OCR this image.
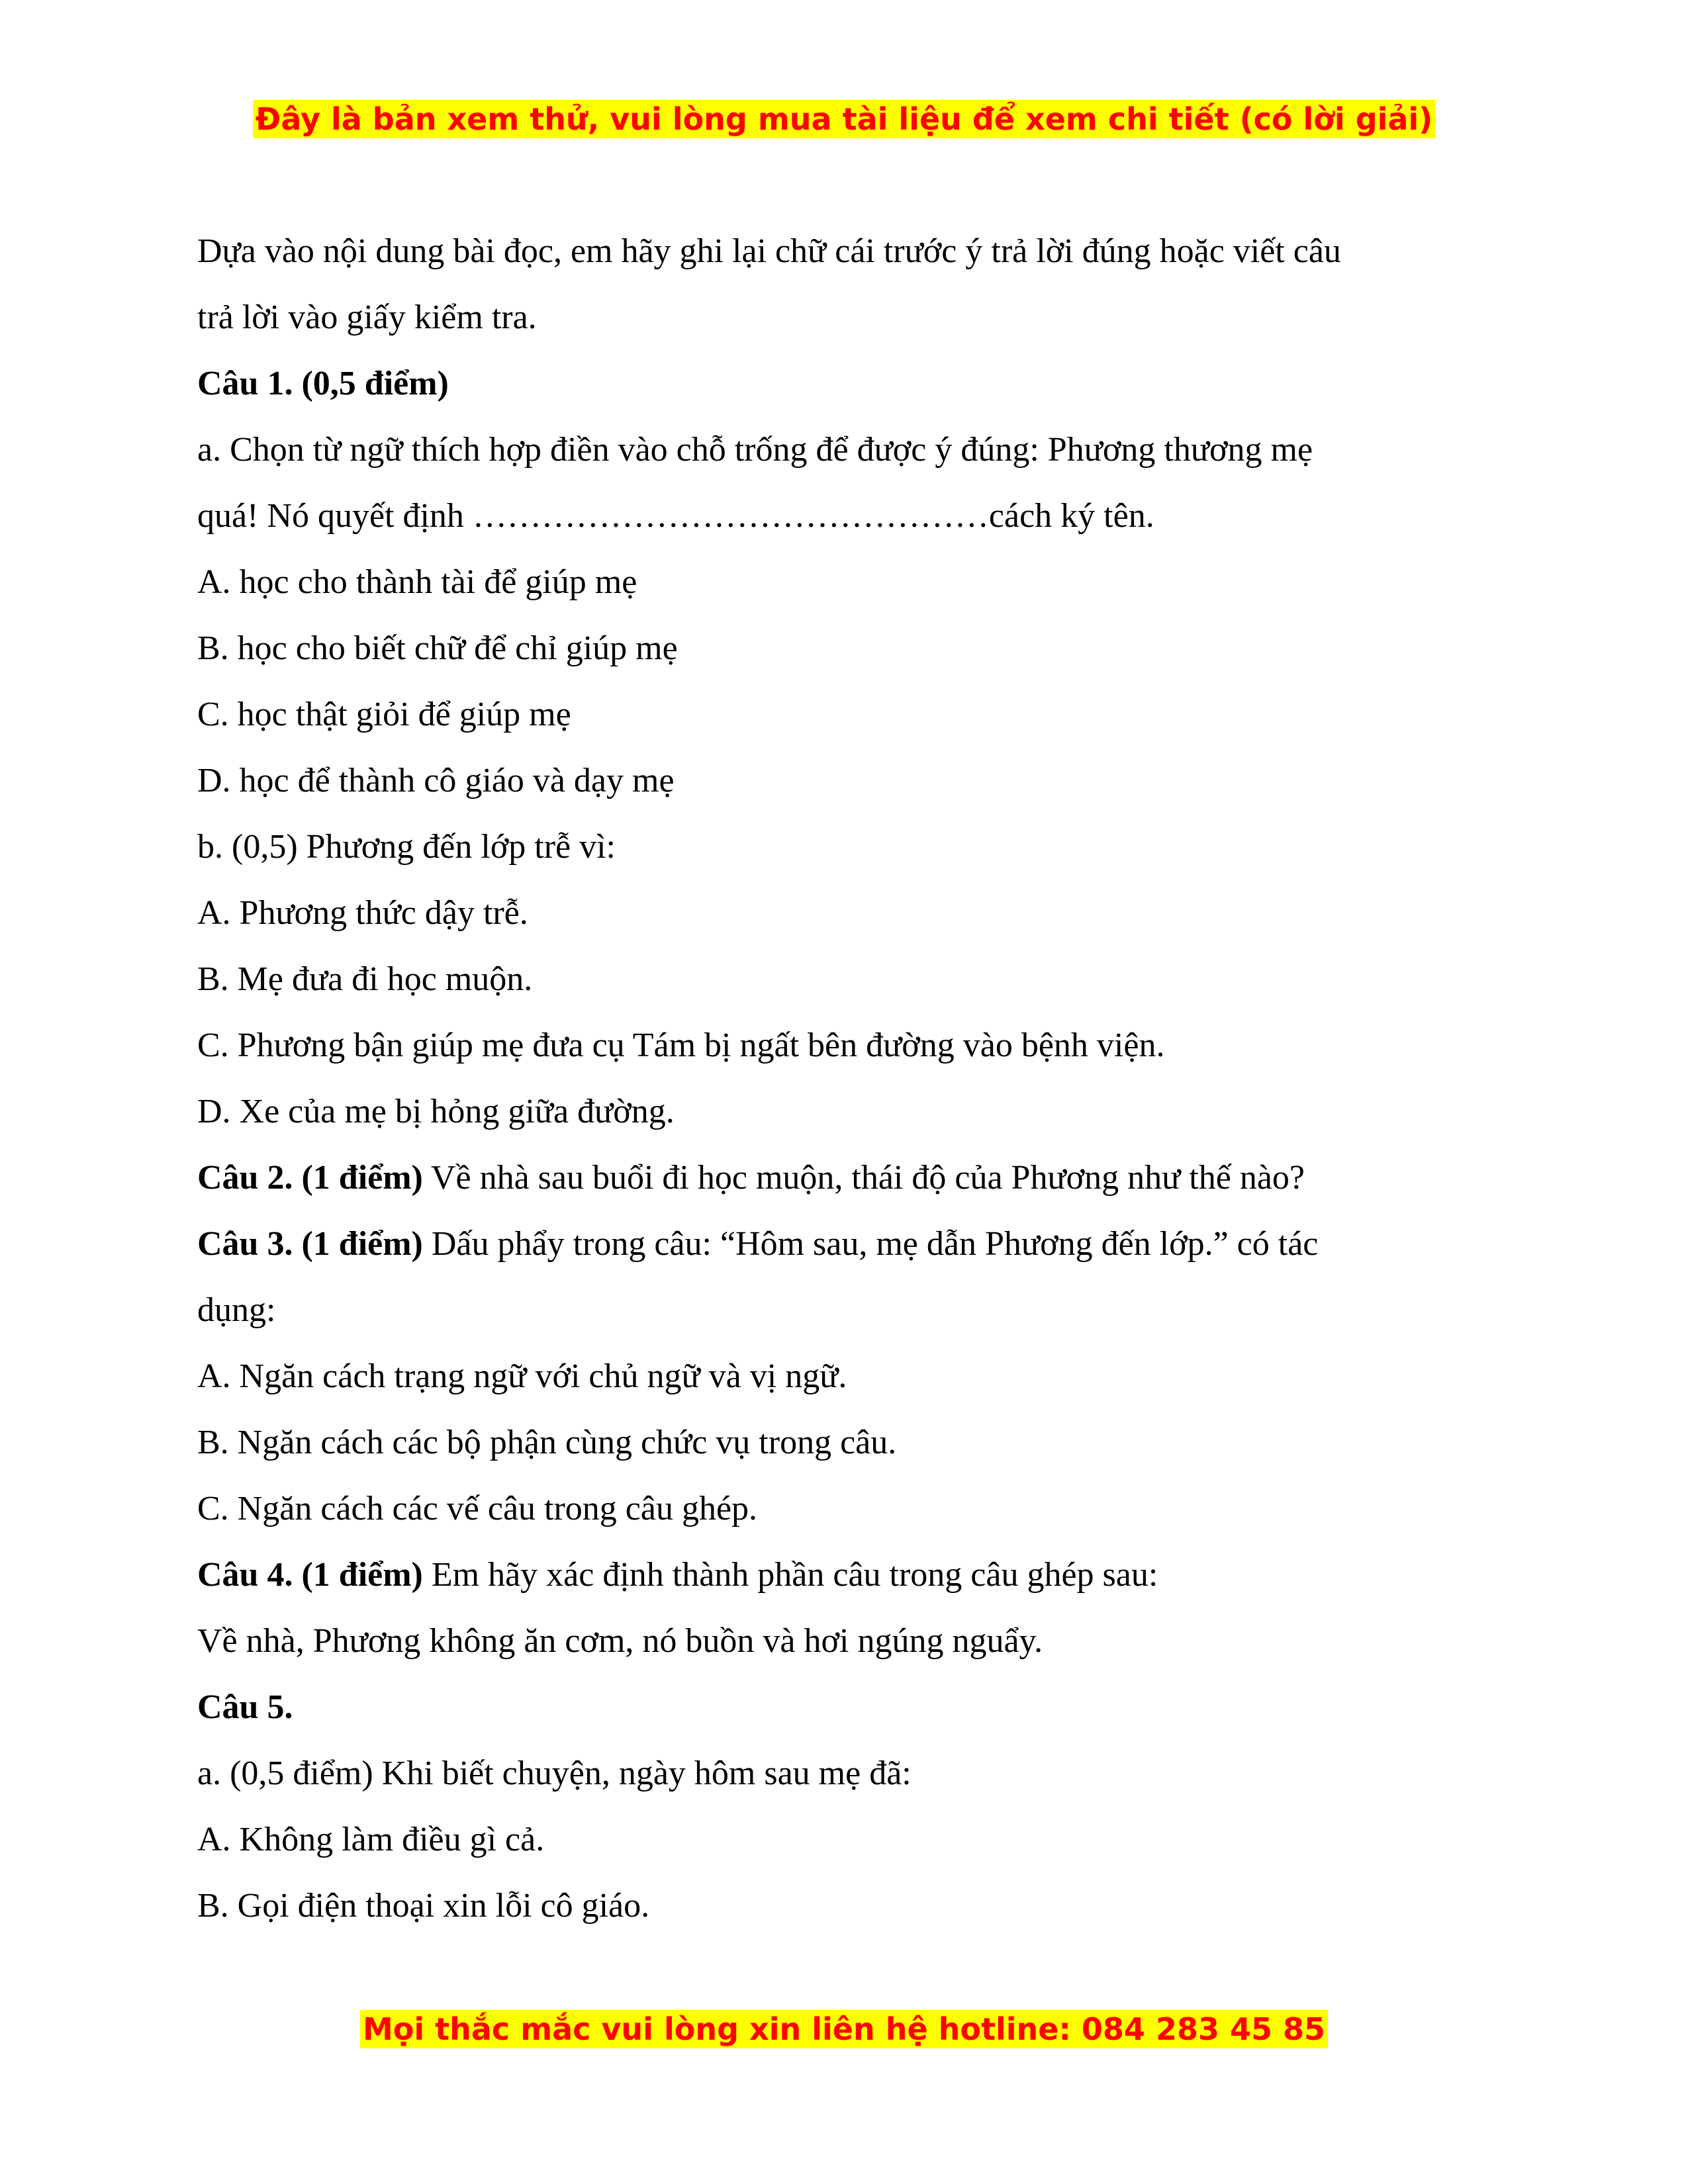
Đây là bản xem thử, vui lòng mua tài liệu để xem chi tiết (có lời giải)
Dựa vào nội dung bài đọc, em hãy ghi lại chữ cái trước ý trả lời đúng hoặc viết câu
trả lời vào giấy kiểm tra.
Câu 1. (0,5 điểm)
a. Chọn từ ngữ thích hợp điền vào chỗ trống để được ý đúng: Phương thương mẹ
quá! Nó quyết định ………………………………………cách ký tên.
A. học cho thành tài để giúp mẹ
B. học cho biết chữ để chỉ giúp mẹ
C. học thật giỏi để giúp mẹ
D. học để thành cô giáo và dạy mẹ
b. (0,5) Phương đến lớp trễ vì:
A. Phương thức dậy trễ.
B. Mẹ đưa đi học muộn.
C. Phương bận giúp mẹ đưa cụ Tám bị ngất bên đường vào bệnh viện.
D. Xe của mẹ bị hỏng giữa đường.
Câu 2. (1 điểm) Về nhà sau buổi đi học muộn, thái độ của Phương như thế nào?
Câu 3. (1 điểm) Dấu phẩy trong câu: “Hôm sau, mẹ dẫn Phương đến lớp.” có tác
dụng:
A. Ngăn cách trạng ngữ với chủ ngữ và vị ngữ.
B. Ngăn cách các bộ phận cùng chức vụ trong câu.
C. Ngăn cách các vế câu trong câu ghép.
Câu 4. (1 điểm) Em hãy xác định thành phần câu trong câu ghép sau:
Về nhà, Phương không ăn cơm, nó buồn và hơi ngúng nguẩy.
Câu 5.
a. (0,5 điểm) Khi biết chuyện, ngày hôm sau mẹ đã:
A. Không làm điều gì cả.
B. Gọi điện thoại xin lỗi cô giáo.
Mọi thắc mắc vui lòng xin liên hệ hotline: 084 283 45 85
